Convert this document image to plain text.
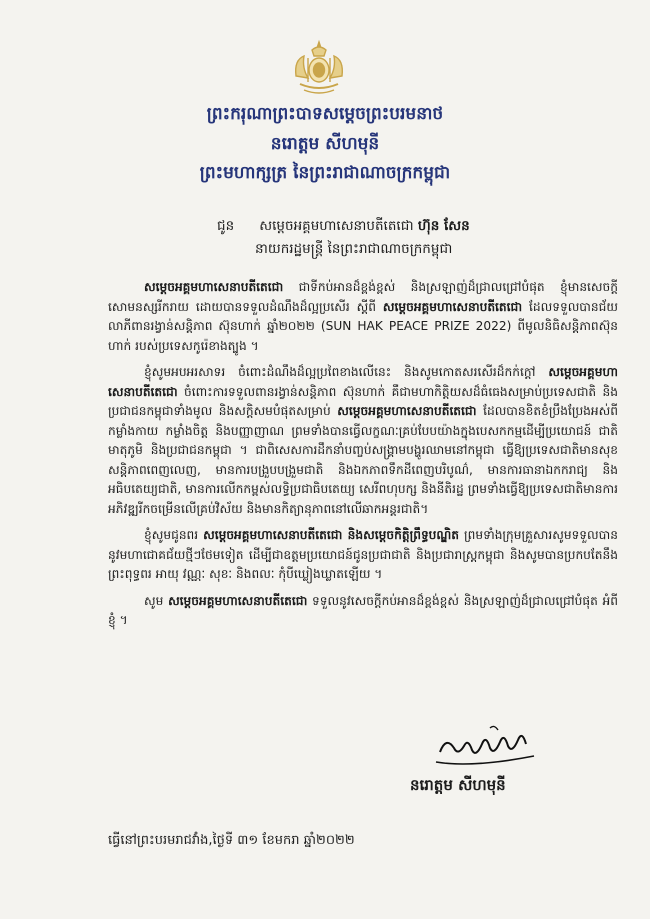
ព្រះករុណាព្រះបាទសម្តេចព្រះបរមនាថ
នរោត្តម សីហមុនី
ព្រះមហាក្សត្រ នៃព្រះរាជាណាចក្រកម្ពុជា
ជូន សម្តេចអគ្គមហាសេនាបតីតេជោ ហ៊ុន សែន
នាយករដ្ឋមន្ត្រី នៃព្រះរាជាណាចក្រកម្ពុជា

សម្តេចអគ្គមហាសេនាបតីតេជោ ជាទីកប់អានដ៏ខ្ពង់ខ្ពស់ និងស្រឡាញ់ដ៏ជ្រាលជ្រៅបំផុត ខ្ញុំមានសេចក្តីសោមនស្សរីករាយ ដោយបានទទួលដំណឹងដ៏ល្អប្រសើរ ស្តីពី សម្តេចអគ្គមហាសេនាបតីតេជោ ដែលទទួលបានជ័យលាភីពានរង្វាន់សន្តិភាព ស៊ុនហាក់ ឆ្នាំ២០២២ (SUN HAK PEACE PRIZE 2022) ពីមូលនិធិសន្តិភាពស៊ុនហាក់ របស់ប្រទេសកូរ៉េខាងត្បូង ។

ខ្ញុំសូមអបអរសាទរ ចំពោះដំណឹងដ៏ល្អប្រពៃខាងលើនេះ និងសូមកោតសរសើរដ៏កក់ក្តៅ សម្តេចអគ្គមហាសេនាបតីតេជោ ចំពោះការទទួលពានរង្វាន់សន្តិភាព ស៊ុនហាក់ គឺជាមហាកិត្តិយសដ៏ធំធេងសម្រាប់ប្រទេសជាតិ និងប្រជាជនកម្ពុជាទាំងមូល និងសក្តិសមបំផុតសម្រាប់ សម្តេចអគ្គមហាសេនាបតីតេជោ ដែលបានខិតខំប្រឹងប្រែងអស់ពីកម្លាំងកាយ កម្លាំងចិត្ត និងបញ្ញាញាណ ព្រមទាំងបានធ្វើលក្ខណៈគ្រប់បែបយ៉ាងក្នុងបេសកកម្មដើម្បីប្រយោជន៍ ជាតិ មាតុភូមិ និងប្រជាជនកម្ពុជា ។ ជាពិសេសការដឹកនាំបញ្ចប់សង្គ្រាមបង្ហូរឈាមនៅកម្ពុជា ធ្វើឱ្យប្រទេសជាតិមានសុខសន្តិភាពពេញលេញ, មានការបង្រួបបង្រួមជាតិ និងឯកភាពទឹកដីពេញបរិបូណ៌, មានការធានាឯកករាជ្យ និងអធិបតេយ្យជាតិ, មានការលើកកម្ពស់លទ្ធិប្រជាធិបតេយ្យ សេរីពហុបក្ស និងនីតិរដ្ឋ ព្រមទាំងធ្វើឱ្យប្រទេសជាតិមានការអភិវឌ្ឍរីកចម្រើនលើគ្រប់វិស័យ និងមានកិត្យានុភាពនៅលើឆាកអន្តរជាតិ។

ខ្ញុំសូមជូនពរ សម្តេចអគ្គមហាសេនាបតីតេជោ និងសម្តេចកិត្តិព្រឹទ្ធបណ្ឌិត ព្រមទាំងក្រុមគ្រួសារសូមទទួលបាននូវមហាជោគជ័យថ្មីៗថែមទៀត ដើម្បីជាឧត្តមប្រយោជន៍ជូនប្រជាជាតិ និងប្រជារាស្ត្រកម្ពុជា និងសូមបានប្រកបតែនឹងព្រះពុទ្ធពរ អាយុ វណ្ណៈ សុខៈ និងពលៈ កុំបីឃ្លៀងឃ្លាតឡើយ ។

សូម សម្តេចអគ្គមហាសេនាបតីតេជោ ទទួលនូវសេចក្តីកប់អានដ៏ខ្ពង់ខ្ពស់ និងស្រឡាញ់ដ៏ជ្រាលជ្រៅបំផុត អំពីខ្ញុំ ។

នរោត្តម សីហមុនី
ធ្វើនៅព្រះបរមរាជវាំង,ថ្ងៃទី ៣១ ខែមករា ឆ្នាំ២០២២
